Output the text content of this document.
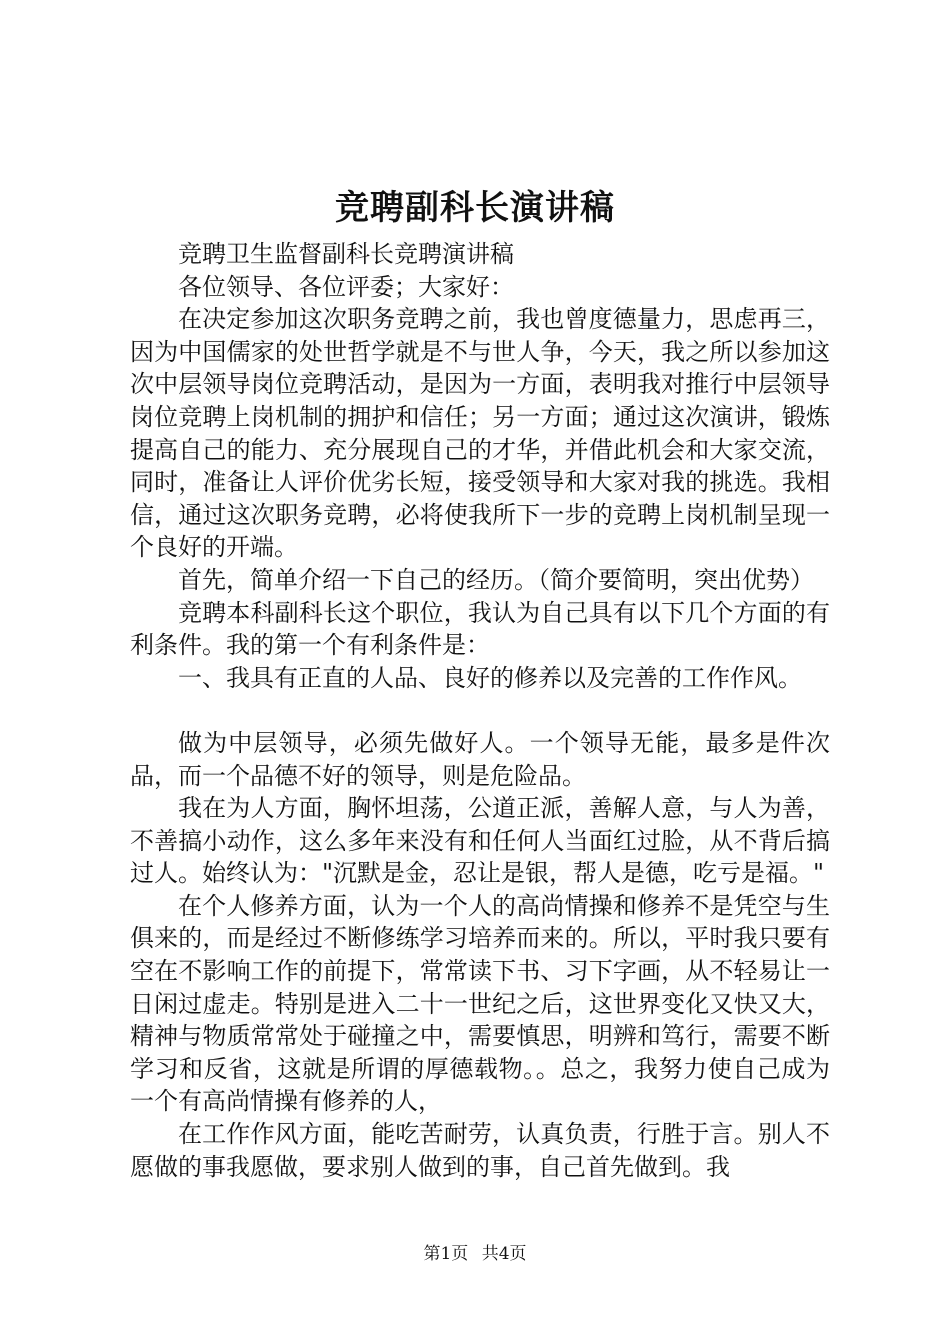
竞聘副科长演讲稿

竞聘卫生监督副科长竞聘演讲稿

各位领导、各位评委；大家好：

在决定参加这次职务竞聘之前，我也曾度德量力，思虑再三，因为中国儒家的处世哲学就是不与世人争，今天，我之所以参加这次中层领导岗位竞聘活动，是因为一方面，表明我对推行中层领导岗位竞聘上岗机制的拥护和信任；另一方面；通过这次演讲，锻炼提高自己的能力、充分展现自己的才华，并借此机会和大家交流，同时，准备让人评价优劣长短，接受领导和大家对我的挑选。我相信，通过这次职务竞聘，必将使我所下一步的竞聘上岗机制呈现一个良好的开端。

首先，简单介绍一下自己的经历。（简介要简明，突出优势）

竞聘本科副科长这个职位，我认为自己具有以下几个方面的有利条件。我的第一个有利条件是：

一、我具有正直的人品、良好的修养以及完善的工作作风。

做为中层领导，必须先做好人。一个领导无能，最多是件次品，而一个品德不好的领导，则是危险品。

我在为人方面，胸怀坦荡，公道正派，善解人意，与人为善，不善搞小动作，这么多年来没有和任何人当面红过脸，从不背后搞过人。始终认为："沉默是金，忍让是银，帮人是德，吃亏是福。"

在个人修养方面，认为一个人的高尚情操和修养不是凭空与生俱来的，而是经过不断修练学习培养而来的。所以，平时我只要有空在不影响工作的前提下，常常读下书、习下字画，从不轻易让一日闲过虚走。特别是进入二十一世纪之后，这世界变化又快又大，精神与物质常常处于碰撞之中，需要慎思，明辨和笃行，需要不断学习和反省，这就是所谓的厚德载物。。总之，我努力使自己成为一个有高尚情操有修养的人，

在工作作风方面，能吃苦耐劳，认真负责，行胜于言。别人不愿做的事我愿做，要求别人做到的事，自己首先做到。我

第1页 共4页
